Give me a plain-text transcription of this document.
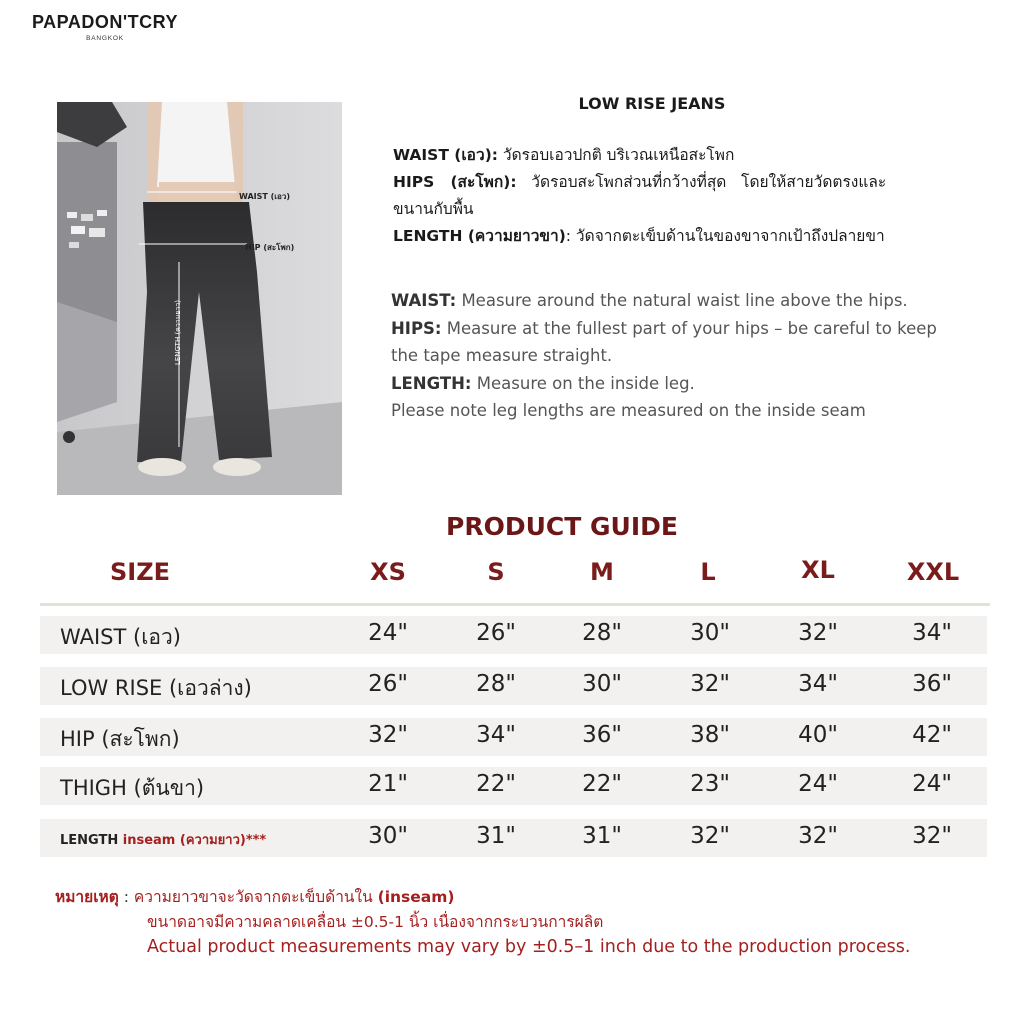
PAPADON'TCRY
BANGKOK
WAIST (เอว)
HIP (สะโพก)
LENGTH (ความยาว)
LOW RISE JEANS
WAIST (เอว): วัดรอบเอวปกติ บริเวณเหนือสะโพก
HIPS   (สะโพก):   วัดรอบสะโพกส่วนที่กว้างที่สุด   โดยให้สายวัดตรงและ
ขนานกับพื้น
LENGTH (ความยาวขา): วัดจากตะเข็บด้านในของขาจากเป้าถึงปลายขา
WAIST: Measure around the natural waist line above the hips.
HIPS: Measure at the fullest part of your hips – be careful to keep the tape measure straight.
LENGTH: Measure on the inside leg.
Please note leg lengths are measured on the inside seam
PRODUCT GUIDE
SIZE	XS	S	M	L	XL	XXL
WAIST (เอว)	24"	26"	28"	30"	32"	34"
LOW RISE (เอวล่าง)	26"	28"	30"	32"	34"	36"
HIP (สะโพก)	32"	34"	36"	38"	40"	42"
THIGH (ต้นขา)	21"	22"	22"	23"	24"	24"
LENGTH inseam (ความยาว)***	30"	31"	31"	32"	32"	32"
หมายเหตุ : ความยาวขาจะวัดจากตะเข็บด้านใน (inseam)
ขนาดอาจมีความคลาดเคลื่อน ±0.5-1 นิ้ว เนื่องจากกระบวนการผลิต
Actual product measurements may vary by ±0.5–1 inch due to the production process.
